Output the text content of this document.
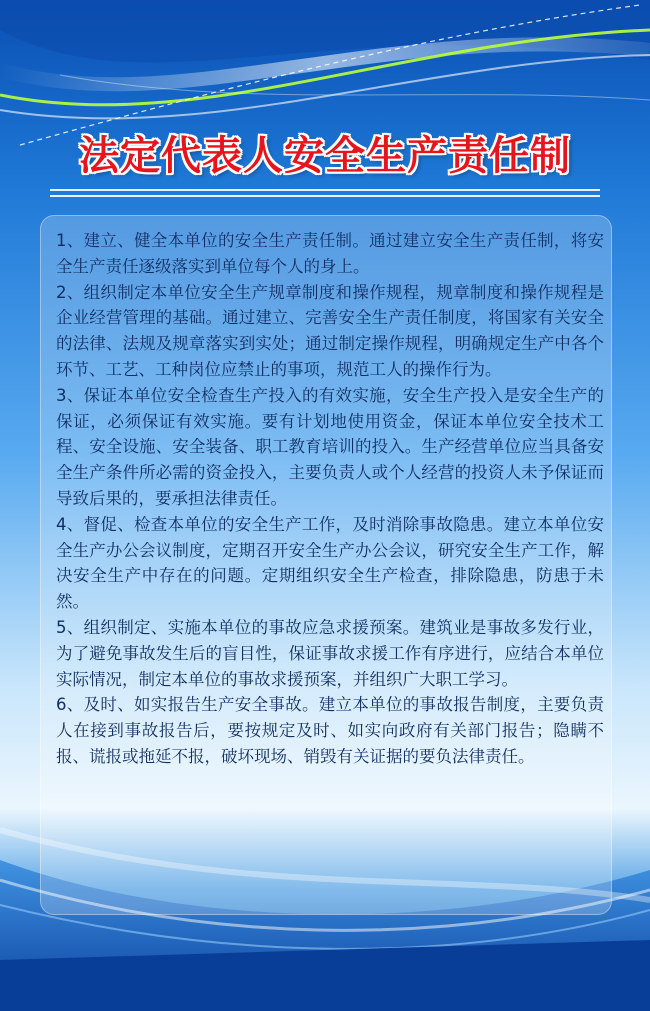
法定代表人安全生产责任制
1、建立、健全本单位的安全生产责任制。通过建立安全生产责任制，将安全生产责任逐级落实到单位每个人的身上。
2、组织制定本单位安全生产规章制度和操作规程，规章制度和操作规程是企业经营管理的基础。通过建立、完善安全生产责任制度，将国家有关安全的法律、法规及规章落实到实处；通过制定操作规程，明确规定生产中各个环节、工艺、工种岗位应禁止的事项，规范工人的操作行为。
3、保证本单位安全检查生产投入的有效实施，安全生产投入是安全生产的保证，必须保证有效实施。要有计划地使用资金，保证本单位安全技术工程、安全设施、安全装备、职工教育培训的投入。生产经营单位应当具备安全生产条件所必需的资金投入，主要负责人或个人经营的投资人未予保证而导致后果的，要承担法律责任。
4、督促、检查本单位的安全生产工作，及时消除事故隐患。建立本单位安全生产办公会议制度，定期召开安全生产办公会议，研究安全生产工作，解决安全生产中存在的问题。定期组织安全生产检查，排除隐患，防患于未然。
5、组织制定、实施本单位的事故应急求援预案。建筑业是事故多发行业，为了避免事故发生后的盲目性，保证事故求援工作有序进行，应结合本单位实际情况，制定本单位的事故求援预案，并组织广大职工学习。
6、及时、如实报告生产安全事故。建立本单位的事故报告制度，主要负责人在接到事故报告后，要按规定及时、如实向政府有关部门报告；隐瞒不报、谎报或拖延不报，破坏现场、销毁有关证据的要负法律责任。
